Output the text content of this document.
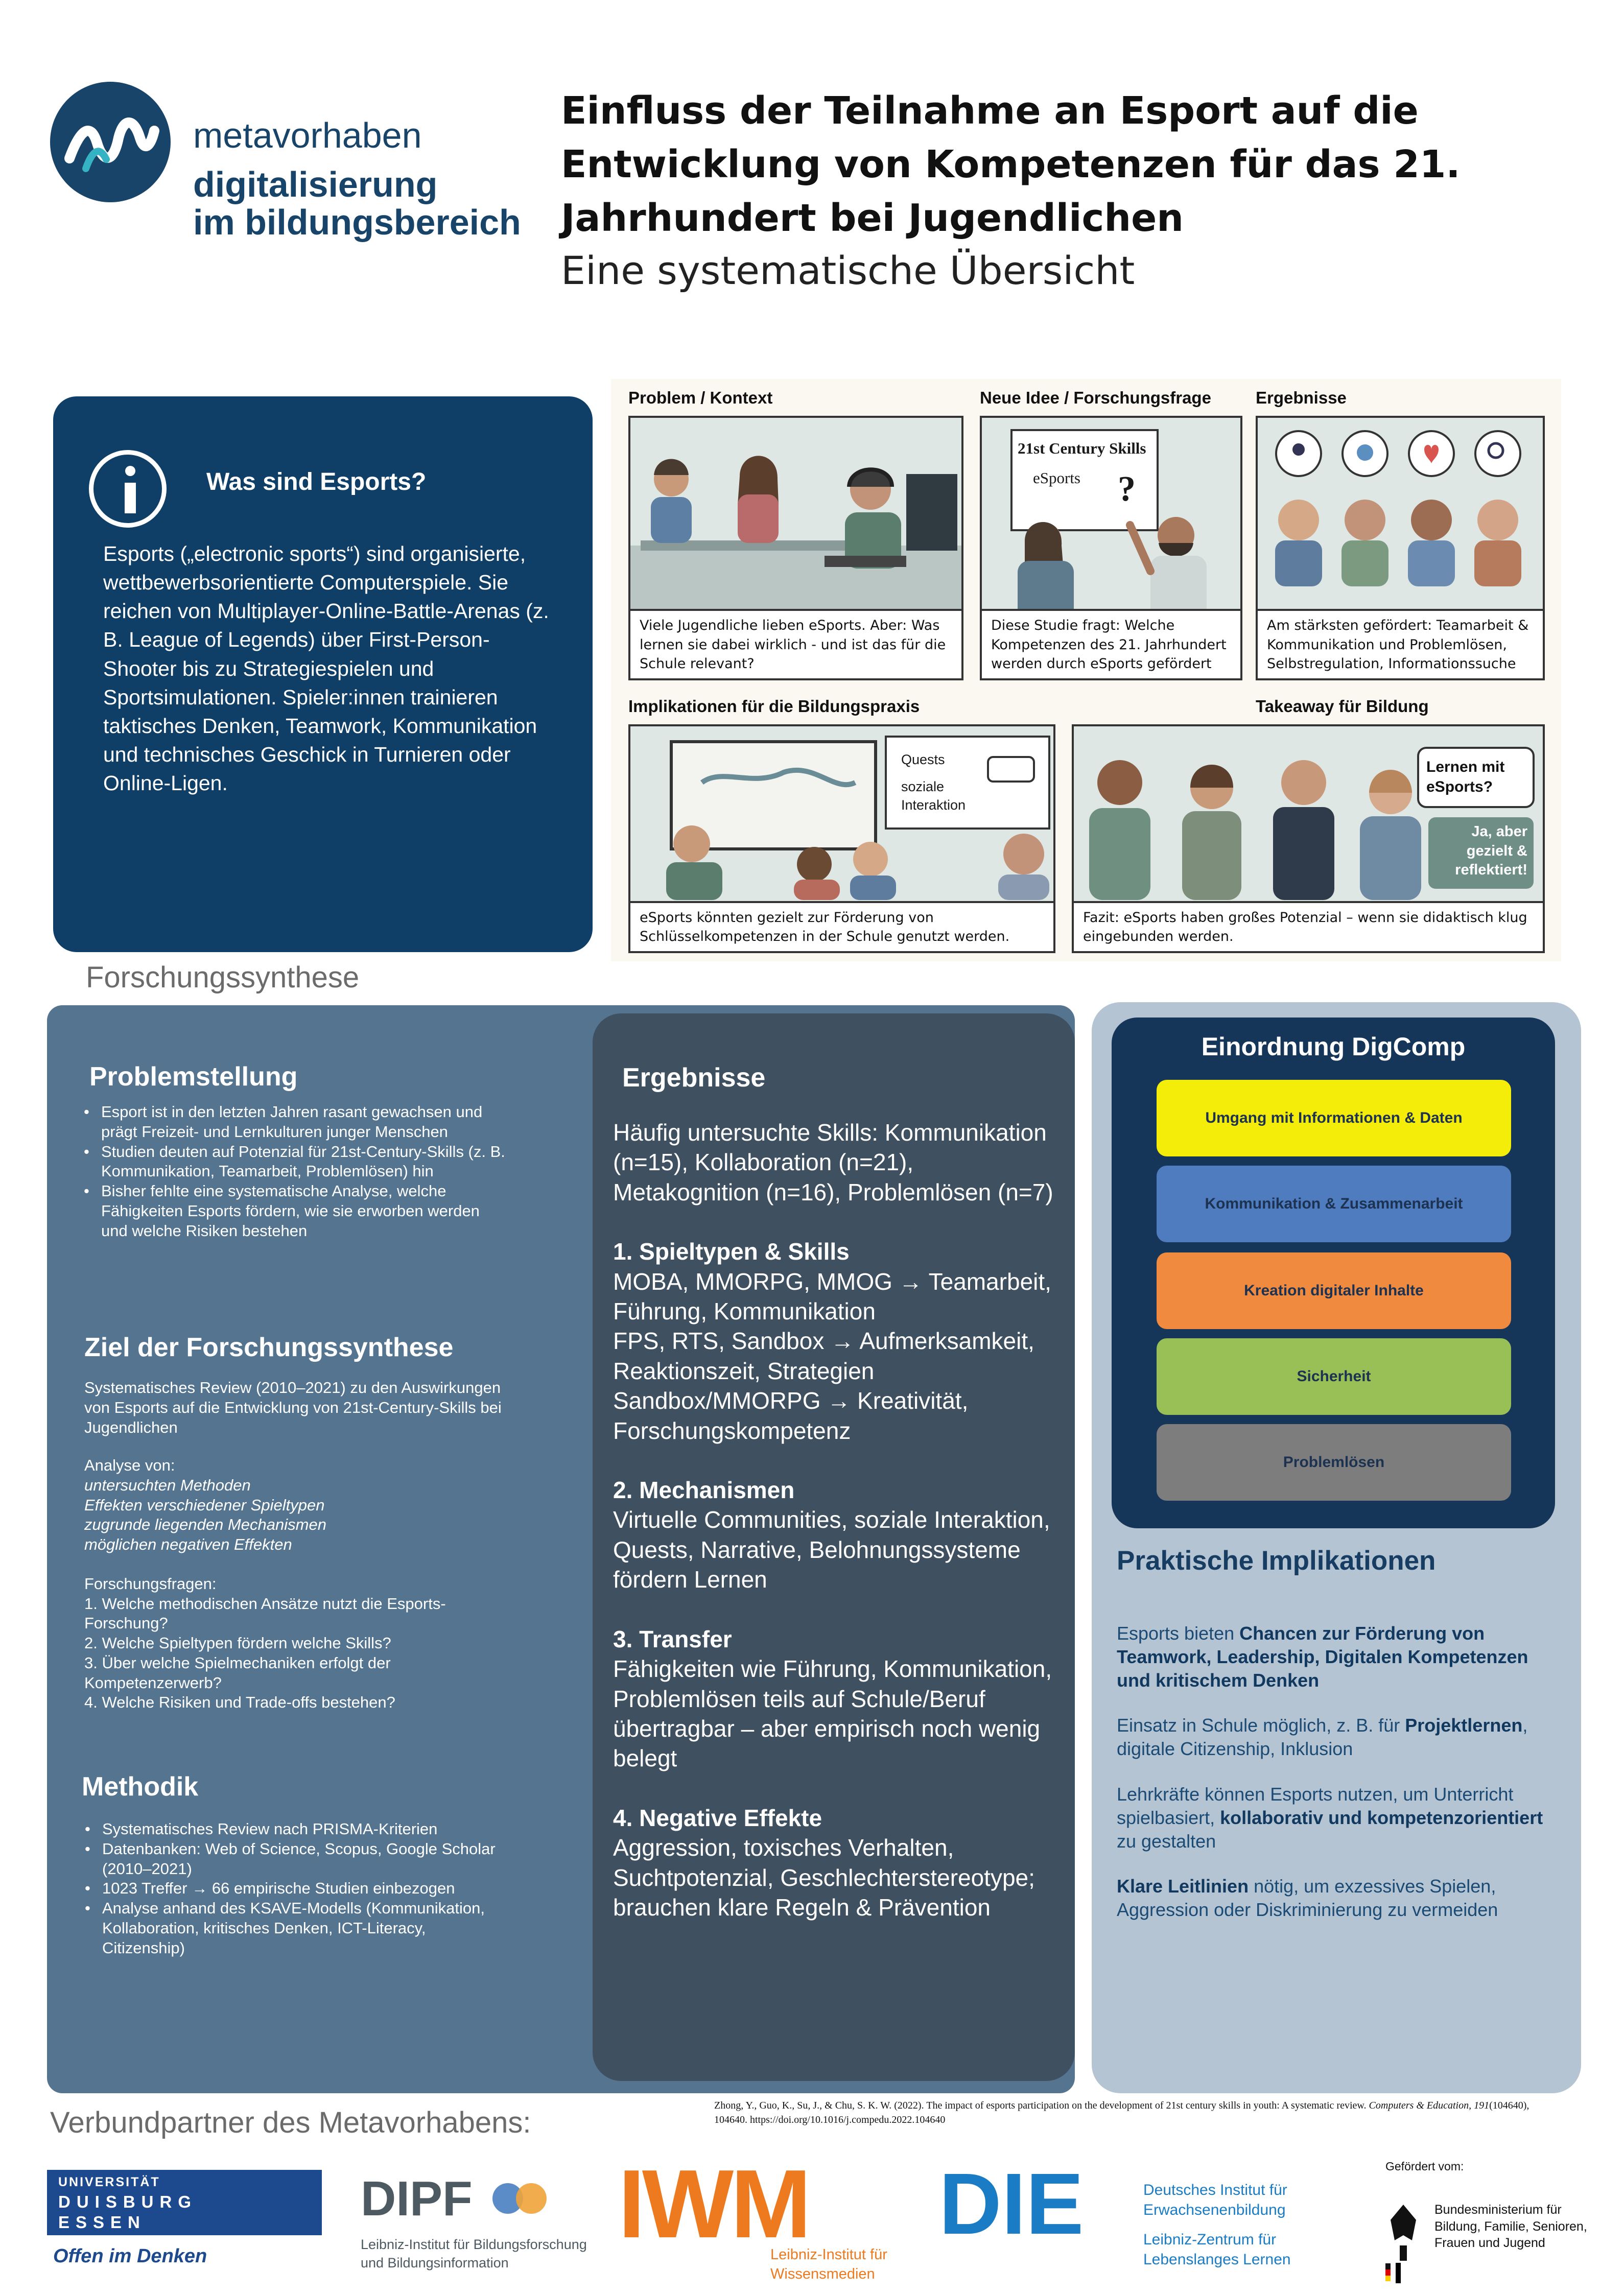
metavorhaben
digitalisierung
im bildungsbereich
Einfluss der Teilnahme an Esport auf die Entwicklung von Kompetenzen für das 21. Jahrhundert bei Jugendlichen
Eine systematische Übersicht
Was sind Esports?
Esports („electronic sports“) sind organisierte, wettbewerbsorientierte Computerspiele. Sie reichen von Multiplayer-Online-Battle-Arenas (z. B. League of Legends) über First-Person-Shooter bis zu Strategiespielen und Sportsimulationen. Spieler:innen trainieren taktisches Denken, Teamwork, Kommunikation und technisches Geschick in Turnieren oder Online-Ligen.
Problem / Kontext	Neue Idee / Forschungsfrage	Ergebnisse
Viele Jugendliche lieben eSports. Aber: Was lernen sie dabei wirklich - und ist das für die Schule relevant?
21st Century Skills
eSports ?
Diese Studie fragt: Welche Kompetenzen des 21. Jahrhundert werden durch eSports gefördert
Am stärksten gefördert: Teamarbeit & Kommunikation und Problemlösen, Selbstregulation, Informationssuche
Implikationen für die Bildungspraxis	Takeaway für Bildung
Quests
soziale Interaktion
eSports könnten gezielt zur Förderung von Schlüsselkompetenzen in der Schule genutzt werden.
Lernen mit eSports?
Ja, aber gezielt & reflektiert!
Fazit: eSports haben großes Potenzial – wenn sie didaktisch klug eingebunden werden.
Forschungssynthese
Problemstellung
• Esport ist in den letzten Jahren rasant gewachsen und prägt Freizeit- und Lernkulturen junger Menschen
• Studien deuten auf Potenzial für 21st-Century-Skills (z. B. Kommunikation, Teamarbeit, Problemlösen) hin
• Bisher fehlte eine systematische Analyse, welche Fähigkeiten Esports fördern, wie sie erworben werden und welche Risiken bestehen
Ziel der Forschungssynthese
Systematisches Review (2010–2021) zu den Auswirkungen von Esports auf die Entwicklung von 21st-Century-Skills bei Jugendlichen
Analyse von:
untersuchten Methoden
Effekten verschiedener Spieltypen
zugrunde liegenden Mechanismen
möglichen negativen Effekten
Forschungsfragen:
1. Welche methodischen Ansätze nutzt die Esports-Forschung?
2. Welche Spieltypen fördern welche Skills?
3. Über welche Spielmechaniken erfolgt der Kompetenzerwerb?
4. Welche Risiken und Trade-offs bestehen?
Methodik
• Systematisches Review nach PRISMA-Kriterien
• Datenbanken: Web of Science, Scopus, Google Scholar (2010–2021)
• 1023 Treffer → 66 empirische Studien einbezogen
• Analyse anhand des KSAVE-Modells (Kommunikation, Kollaboration, kritisches Denken, ICT-Literacy, Citizenship)
Ergebnisse
Häufig untersuchte Skills: Kommunikation (n=15), Kollaboration (n=21), Metakognition (n=16), Problemlösen (n=7)
1. Spieltypen & Skills
MOBA, MMORPG, MMOG → Teamarbeit, Führung, Kommunikation
FPS, RTS, Sandbox → Aufmerksamkeit, Reaktionszeit, Strategien
Sandbox/MMORPG → Kreativität, Forschungskompetenz
2. Mechanismen
Virtuelle Communities, soziale Interaktion, Quests, Narrative, Belohnungssysteme fördern Lernen
3. Transfer
Fähigkeiten wie Führung, Kommunikation, Problemlösen teils auf Schule/Beruf übertragbar – aber empirisch noch wenig belegt
4. Negative Effekte
Aggression, toxisches Verhalten, Suchtpotenzial, Geschlechterstereotype; brauchen klare Regeln & Prävention
Einordnung DigComp
Umgang mit Informationen & Daten
Kommunikation & Zusammenarbeit
Kreation digitaler Inhalte
Sicherheit
Problemlösen
Praktische Implikationen
Esports bieten Chancen zur Förderung von Teamwork, Leadership, Digitalen Kompetenzen und kritischem Denken
Einsatz in Schule möglich, z. B. für Projektlernen, digitale Citizenship, Inklusion
Lehrkräfte können Esports nutzen, um Unterricht spielbasiert, kollaborativ und kompetenzorientiert zu gestalten
Klare Leitlinien nötig, um exzessives Spielen, Aggression oder Diskriminierung zu vermeiden
Verbundpartner des Metavorhabens:
Zhong, Y., Guo, K., Su, J., & Chu, S. K. W. (2022). The impact of esports participation on the development of 21st century skills in youth: A systematic review. Computers & Education, 191(104640), 104640. https://doi.org/10.1016/j.compedu.2022.104640
UNIVERSITÄT
DUISBURG
ESSEN
Offen im Denken
DIPF
Leibniz-Institut für Bildungsforschung und Bildungsinformation
IWM
Leibniz-Institut für Wissensmedien
DIE	Deutsches Institut für Erwachsenenbildung
Leibniz-Zentrum für Lebenslanges Lernen
Gefördert vom:
Bundesministerium für Bildung, Familie, Senioren, Frauen und Jugend
